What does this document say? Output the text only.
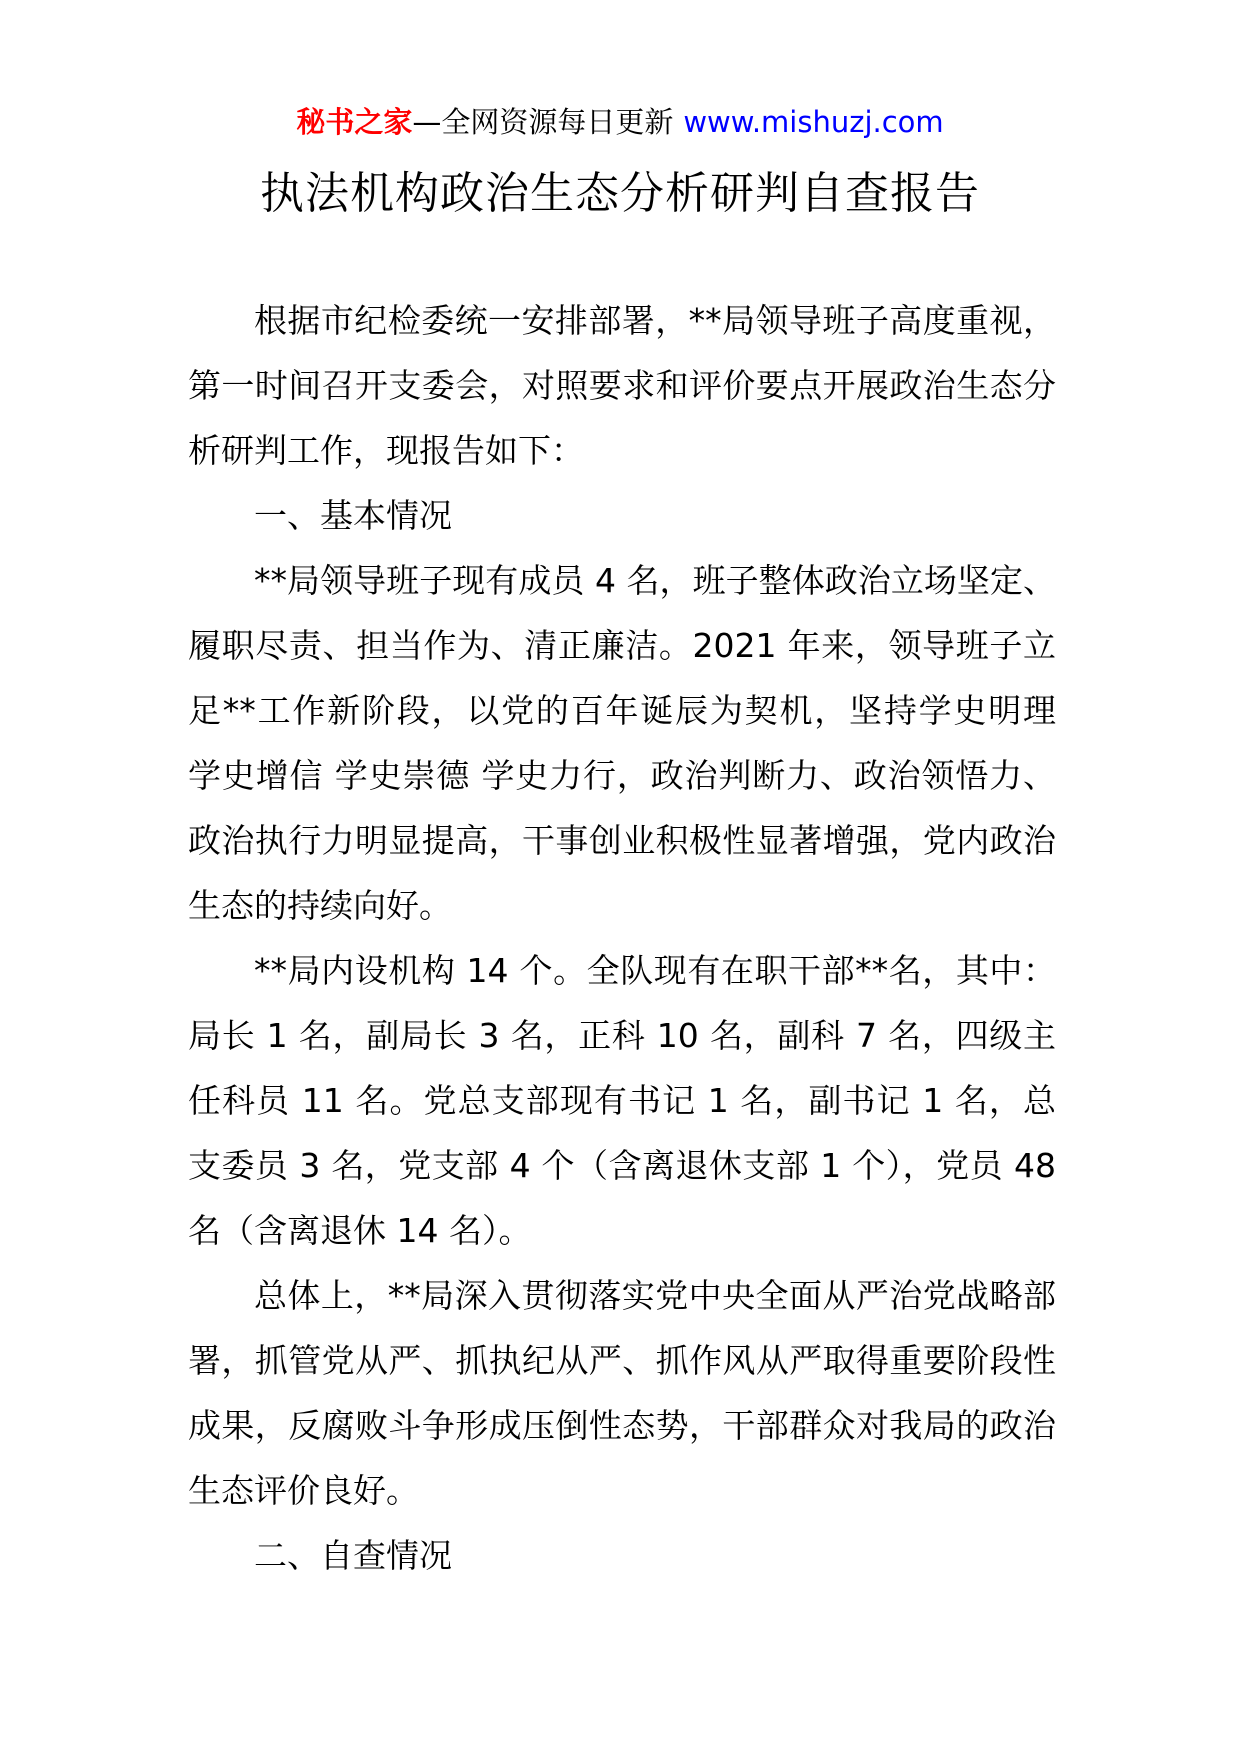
秘书之家—全网资源每日更新 www.mishuzj.com
执法机构政治生态分析研判自查报告

根据市纪检委统一安排部署，**局领导班子高度重视，第一时间召开支委会，对照要求和评价要点开展政治生态分析研判工作，现报告如下：

一、基本情况

**局领导班子现有成员 4 名，班子整体政治立场坚定、履职尽责、担当作为、清正廉洁。2021 年来，领导班子立足**工作新阶段，以党的百年诞辰为契机，坚持学史明理 学史增信 学史崇德 学史力行，政治判断力、政治领悟力、政治执行力明显提高，干事创业积极性显著增强，党内政治生态的持续向好。

**局内设机构 14 个。全队现有在职干部**名，其中：局长 1 名，副局长 3 名，正科 10 名，副科 7 名，四级主任科员 11 名。党总支部现有书记 1 名，副书记 1 名，总支委员 3 名，党支部 4 个（含离退休支部 1 个），党员 48 名（含离退休 14 名）。

总体上，**局深入贯彻落实党中央全面从严治党战略部署，抓管党从严、抓执纪从严、抓作风从严取得重要阶段性成果，反腐败斗争形成压倒性态势，干部群众对我局的政治生态评价良好。

二、自查情况
